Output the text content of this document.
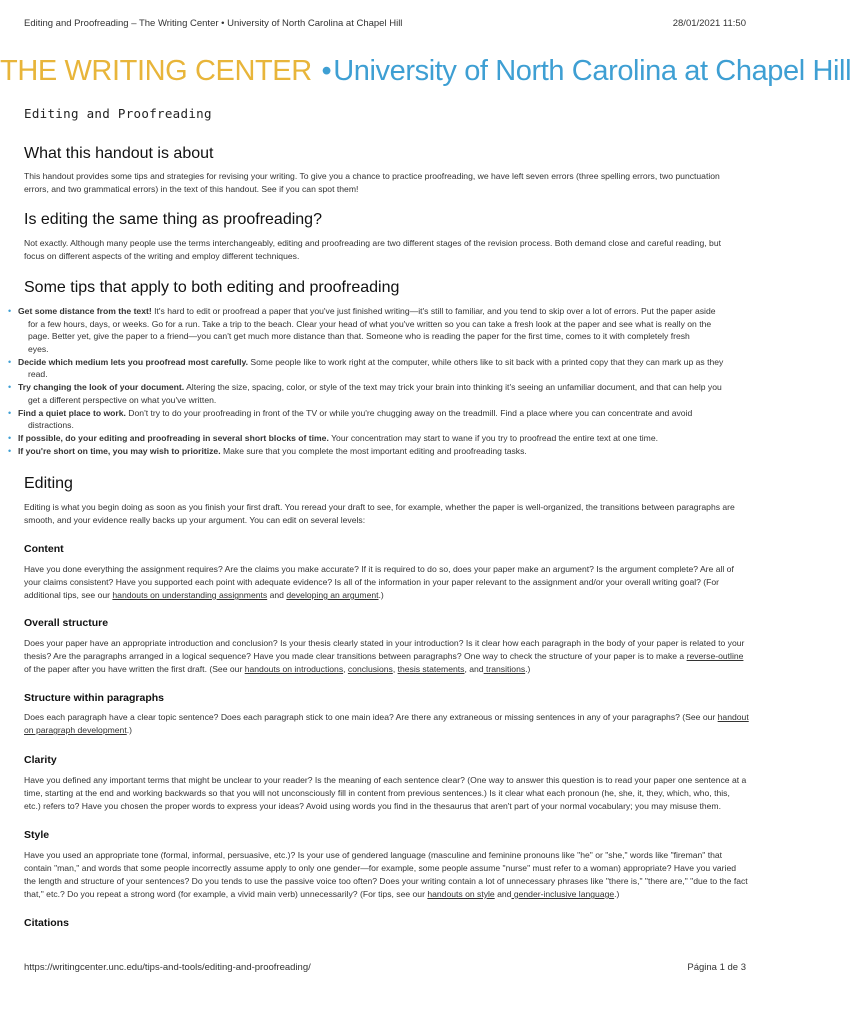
Editing and Proofreading – The Writing Center • University of North Carolina at Chapel Hill	28/01/2021 11:50
THE WRITING CENTER •University of North Carolina at Chapel Hill
Editing and Proofreading
What this handout is about

This handout provides some tips and strategies for revising your writing. To give you a chance to practice proofreading, we have left seven errors (three spelling errors, two punctuation

errors, and two grammatical errors) in the text of this handout. See if you can spot them!

Is editing the same thing as proofreading?

Not exactly. Although many people use the terms interchangeably, editing and proofreading are two different stages of the revision process. Both demand close and careful reading, but

focus on different aspects of the writing and employ different techniques.

Some tips that apply to both editing and proofreading
• Get some distance from the text! It's hard to edit or proofread a paper that you've just finished writing—it's still to familiar, and you tend to skip over a lot of errors. Put the paper aside
for a few hours, days, or weeks. Go for a run. Take a trip to the beach. Clear your head of what you've written so you can take a fresh look at the paper and see what is really on the
page. Better yet, give the paper to a friend—you can't get much more distance than that. Someone who is reading the paper for the first time, comes to it with completely fresh
eyes.
• Decide which medium lets you proofread most carefully. Some people like to work right at the computer, while others like to sit back with a printed copy that they can mark up as they
read.
• Try changing the look of your document. Altering the size, spacing, color, or style of the text may trick your brain into thinking it's seeing an unfamiliar document, and that can help you
get a different perspective on what you've written.
• Find a quiet place to work. Don't try to do your proofreading in front of the TV or while you're chugging away on the treadmill. Find a place where you can concentrate and avoid
distractions.
• If possible, do your editing and proofreading in several short blocks of time. Your concentration may start to wane if you try to proofread the entire text at one time.
• If you're short on time, you may wish to prioritize. Make sure that you complete the most important editing and proofreading tasks.
Editing

Editing is what you begin doing as soon as you finish your first draft. You reread your draft to see, for example, whether the paper is well-organized, the transitions between paragraphs are

smooth, and your evidence really backs up your argument. You can edit on several levels:

Content

Have you done everything the assignment requires? Are the claims you make accurate? If it is required to do so, does your paper make an argument? Is the argument complete? Are all of

your claims consistent? Have you supported each point with adequate evidence? Is all of the information in your paper relevant to the assignment and/or your overall writing goal? (For

additional tips, see our handouts on understanding assignments and developing an argument.)

Overall structure

Does your paper have an appropriate introduction and conclusion? Is your thesis clearly stated in your introduction? Is it clear how each paragraph in the body of your paper is related to your

thesis? Are the paragraphs arranged in a logical sequence? Have you made clear transitions between paragraphs? One way to check the structure of your paper is to make a reverse-outline

of the paper after you have written the first draft. (See our handouts on introductions, conclusions, thesis statements, and transitions.)

Structure within paragraphs

Does each paragraph have a clear topic sentence? Does each paragraph stick to one main idea? Are there any extraneous or missing sentences in any of your paragraphs? (See our handout

on paragraph development.)

Clarity

Have you defined any important terms that might be unclear to your reader? Is the meaning of each sentence clear? (One way to answer this question is to read your paper one sentence at a

time, starting at the end and working backwards so that you will not unconsciously fill in content from previous sentences.) Is it clear what each pronoun (he, she, it, they, which, who, this,

etc.) refers to? Have you chosen the proper words to express your ideas? Avoid using words you find in the thesaurus that aren't part of your normal vocabulary; you may misuse them.

Style

Have you used an appropriate tone (formal, informal, persuasive, etc.)? Is your use of gendered language (masculine and feminine pronouns like "he" or "she," words like "fireman" that

contain "man," and words that some people incorrectly assume apply to only one gender—for example, some people assume "nurse" must refer to a woman) appropriate? Have you varied

the length and structure of your sentences? Do you tends to use the passive voice too often? Does your writing contain a lot of unnecessary phrases like "there is," "there are," "due to the fact

that," etc.? Do you repeat a strong word (for example, a vivid main verb) unnecessarily? (For tips, see our handouts on style and gender-inclusive language.)

Citations
https://writingcenter.unc.edu/tips-and-tools/editing-and-proofreading/	Página 1 de 3
